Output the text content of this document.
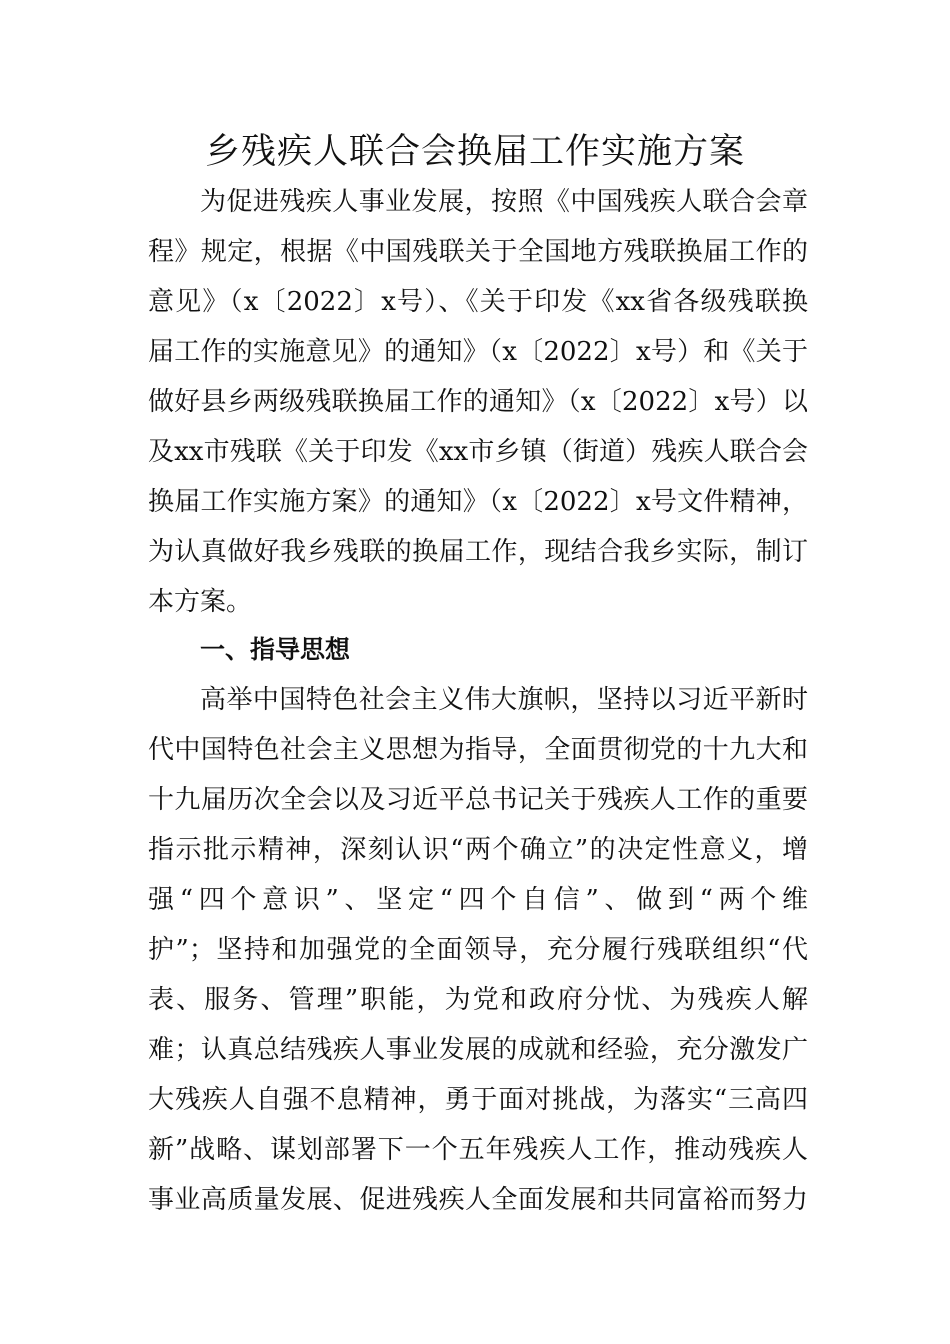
乡残疾人联合会换届工作实施方案
为促进残疾人事业发展，按照《中国残疾人联合会章
程》规定，根据《中国残联关于全国地方残联换届工作的
意见》（x〔2022〕x号）、《关于印发《xx省各级残联换
届工作的实施意见》的通知》（x〔2022〕x号）和《关于
做好县乡两级残联换届工作的通知》（x〔2022〕x号）以
及xx市残联《关于印发《xx市乡镇（街道）残疾人联合会
换届工作实施方案》的通知》（x〔2022〕x号文件精神，
为认真做好我乡残联的换届工作，现结合我乡实际，制订
本方案。
一、指导思想
高举中国特色社会主义伟大旗帜，坚持以习近平新时
代中国特色社会主义思想为指导，全面贯彻党的十九大和
十九届历次全会以及习近平总书记关于残疾人工作的重要
指示批示精神，深刻认识“两个确立”的决定性意义，增
强“四个意识”、坚定“四个自信”、做到“两个维
护”；坚持和加强党的全面领导，充分履行残联组织“代
表、服务、管理”职能，为党和政府分忧、为残疾人解
难；认真总结残疾人事业发展的成就和经验，充分激发广
大残疾人自强不息精神，勇于面对挑战，为落实“三高四
新”战略、谋划部署下一个五年残疾人工作，推动残疾人
事业高质量发展、促进残疾人全面发展和共同富裕而努力
